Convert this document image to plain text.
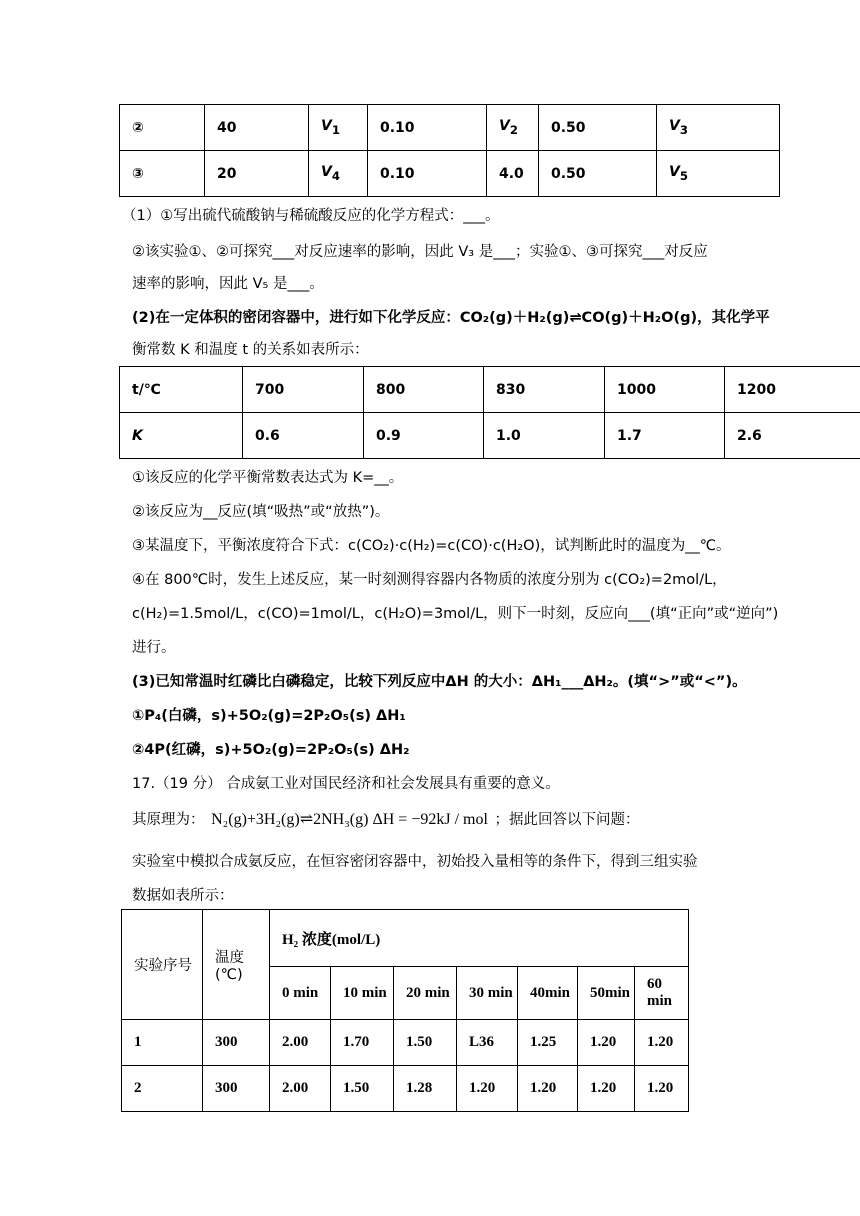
②	40	$V_1$	0.10	$V_2$	0.50	$V_3$
③	20	$V_4$	0.10	4.0	0.50	$V_5$
（1）①写出硫代硫酸钠与稀硫酸反应的化学方程式：___。
②该实验①、②可探究___对反应速率的影响，因此 V₃ 是___；实验①、③可探究___对反应
速率的影响，因此 V₅ 是___。
(2)在一定体积的密闭容器中，进行如下化学反应：CO₂(g)＋H₂(g)⇌CO(g)＋H₂O(g)，其化学平
衡常数 K 和温度 t 的关系如表所示：
t/℃	700	800	830	1000	1200
K	0.6	0.9	1.0	1.7	2.6
①该反应的化学平衡常数表达式为 K=__。
②该反应为__反应(填“吸热”或“放热”)。
③某温度下，平衡浓度符合下式：c(CO₂)·c(H₂)=c(CO)·c(H₂O)，试判断此时的温度为__℃。
④在 800℃时，发生上述反应，某一时刻测得容器内各物质的浓度分别为 c(CO₂)=2mol/L，
c(H₂)=1.5mol/L，c(CO)=1mol/L，c(H₂O)=3mol/L，则下一时刻，反应向___(填“正向”或“逆向”)
进行。
(3)已知常温时红磷比白磷稳定，比较下列反应中ΔH 的大小：ΔH₁___ΔH₂。(填“>”或“<”)。
①P₄(白磷，s)+5O₂(g)=2P₂O₅(s) ΔH₁
②4P(红磷，s)+5O₂(g)=2P₂O₅(s) ΔH₂
17.（19 分） 合成氨工业对国民经济和社会发展具有重要的意义。
其原理为： N₂(g)+3H₂(g)⇌2NH₃(g) ΔH = −92kJ / mol ；据此回答以下问题：
实验室中模拟合成氨反应，在恒容密闭容器中，初始投入量相等的条件下，得到三组实验
数据如表所示：
实验序号	温度(℃)	H₂ 浓度(mol/L)						
		0 min	10 min	20 min	30 min	40min	50min	60 min
1	300	2.00	1.70	1.50	L36	1.25	1.20	1.20
2	300	2.00	1.50	1.28	1.20	1.20	1.20	1.20
